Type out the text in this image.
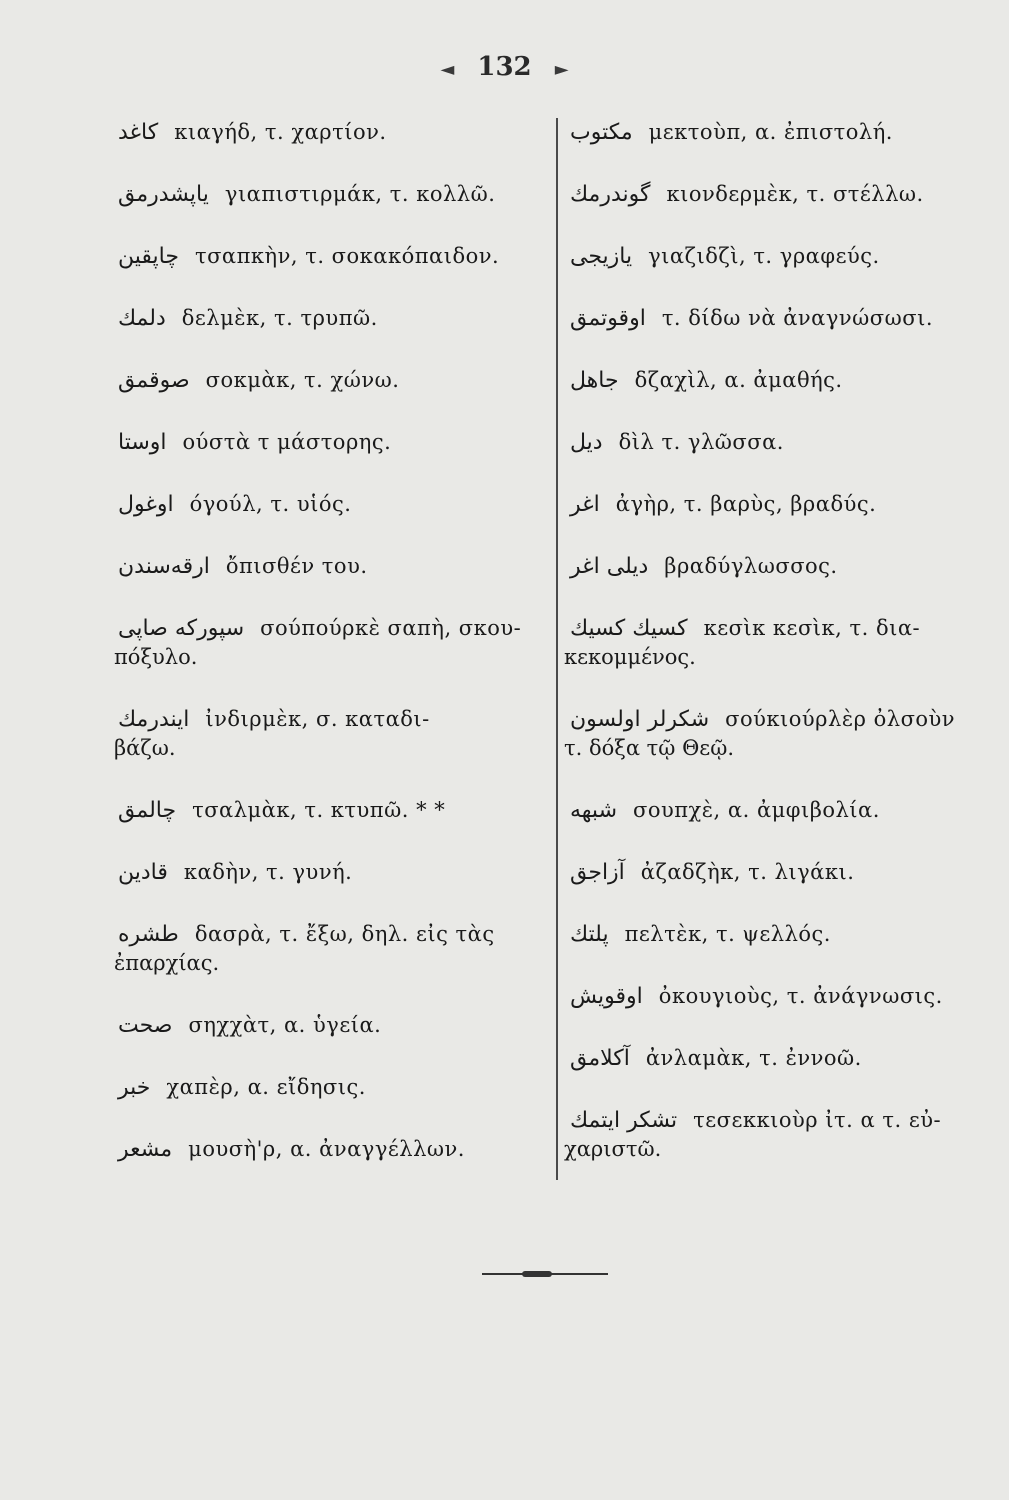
◄ 132 ►
كاغد κιαγήδ, τ. χαρτίον.
یاپشدرمق γιαπιστιρμάκ, τ. κολλῶ.
چاپقین τσαπκὴν, τ. σοκακόπαιδον.
دلمك δελμὲκ, τ. τρυπῶ.
صوقمق σοκμὰκ, τ. χώνω.
اوستا ούστὰ τ μάστορης.
اوغول όγούλ, τ. υἱός.
ارقه‌سندن ὄπισθέν του.
سپورکه صاپی σούπούρκὲ σαπὴ, σκου-
πόξυλο.
ایندرمك ἰνδιρμὲκ, σ. καταδι-
βάζω.
چالمق τσαλμὰκ, τ. κτυπῶ. * *
قادین καδὴν, τ. γυνή.
طشره δασρὰ, τ. ἔξω, δηλ. εἰς τὰς
ἐπαρχίας.
صحت σηχχὰτ, α. ὑγεία.
خبر χαπὲρ, α. εἴδησις.
مشعر μουσὴ'ρ, α. ἀναγγέλλων.
مکتوب μεκτοὺπ, α. ἐπιστολή.
گوندرمك κιονδερμὲκ, τ. στέλλω.
یازیجی γιαζιδζὶ, τ. γραφεύς.
اوقوتمق τ. δίδω νὰ ἀναγνώσωσι.
جاهل δζαχὶλ, α. ἀμαθής.
دیل δὶλ τ. γλῶσσα.
اغر ἀγὴρ, τ. βαρὺς, βραδύς.
دیلی اغر βραδύγλωσσος.
کسیك کسیك κεσὶκ κεσὶκ, τ. δια-
κεκομμένος.
شکرلر اولسون σούκιούρλὲρ ὀλσοὺν
τ. δόξα τῷ Θεῷ.
شبهه σουπχὲ, α. ἀμφιβολία.
آزاجق ἀζαδζὴκ, τ. λιγάκι.
پلتك πελτὲκ, τ. ψελλός.
اوقویش ὀκουγιοὺς, τ. ἀνάγνωσις.
آکلامق ἀνλαμὰκ, τ. ἐννοῶ.
تشکر ایتمك τεσεκκιοὺρ ἰτ. α τ. εὐ-
χαριστῶ.
